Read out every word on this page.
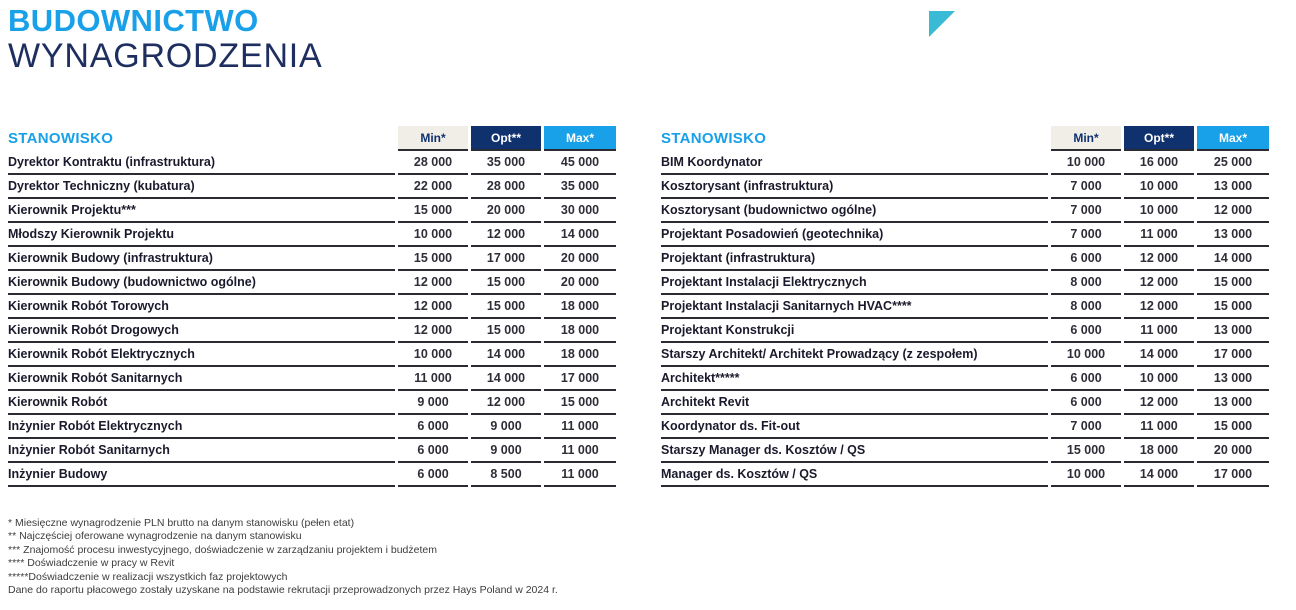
BUDOWNICTWO
WYNAGRODZENIA
STANOWISKO	Min*	Opt**	Max*
Dyrektor Kontraktu (infrastruktura)	28 000	35 000	45 000
Dyrektor Techniczny (kubatura)	22 000	28 000	35 000
Kierownik Projektu***	15 000	20 000	30 000
Młodszy Kierownik Projektu	10 000	12 000	14 000
Kierownik Budowy (infrastruktura)	15 000	17 000	20 000
Kierownik Budowy (budownictwo ogólne)	12 000	15 000	20 000
Kierownik Robót Torowych	12 000	15 000	18 000
Kierownik Robót Drogowych	12 000	15 000	18 000
Kierownik Robót Elektrycznych	10 000	14 000	18 000
Kierownik Robót Sanitarnych	11 000	14 000	17 000
Kierownik Robót	9 000	12 000	15 000
Inżynier Robót Elektrycznych	6 000	9 000	11 000
Inżynier Robót Sanitarnych	6 000	9 000	11 000
Inżynier Budowy	6 000	8 500	11 000
STANOWISKO	Min*	Opt**	Max*
BIM Koordynator	10 000	16 000	25 000
Kosztorysant (infrastruktura)	7 000	10 000	13 000
Kosztorysant (budownictwo ogólne)	7 000	10 000	12 000
Projektant Posadowień (geotechnika)	7 000	11 000	13 000
Projektant (infrastruktura)	6 000	12 000	14 000
Projektant Instalacji Elektrycznych	8 000	12 000	15 000
Projektant Instalacji Sanitarnych HVAC****	8 000	12 000	15 000
Projektant Konstrukcji	6 000	11 000	13 000
Starszy Architekt/ Architekt Prowadzący (z zespołem)	10 000	14 000	17 000
Architekt*****	6 000	10 000	13 000
Architekt Revit	6 000	12 000	13 000
Koordynator ds. Fit-out	7 000	11 000	15 000
Starszy Manager ds. Kosztów / QS	15 000	18 000	20 000
Manager ds. Kosztów / QS	10 000	14 000	17 000
* Miesięczne wynagrodzenie PLN brutto na danym stanowisku (pełen etat)
** Najczęściej oferowane wynagrodzenie na danym stanowisku
*** Znajomość procesu inwestycyjnego, doświadczenie w zarządzaniu projektem i budżetem
**** Doświadczenie w pracy w Revit
*****Doświadczenie w realizacji wszystkich faz projektowych
Dane do raportu płacowego zostały uzyskane na podstawie rekrutacji przeprowadzonych przez Hays Poland w 2024 r.
